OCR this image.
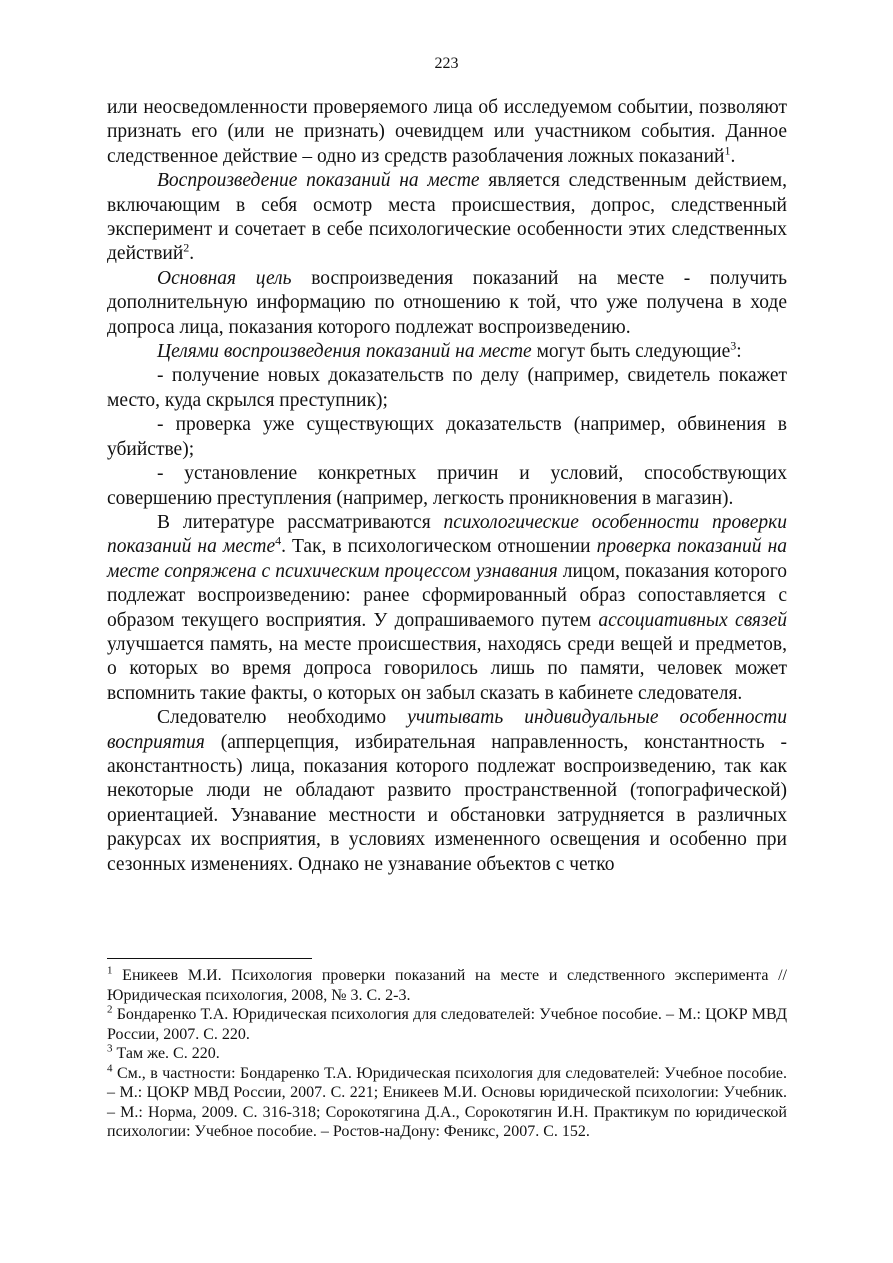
223

или неосведомленности проверяемого лица об исследуемом событии, позволяют признать его (или не признать) очевидцем или участником события. Данное следственное действие – одно из средств разоблачения ложных показаний$^1$.

Воспроизведение показаний на месте является следственным действием, включающим в себя осмотр места происшествия, допрос, следственный эксперимент и сочетает в себе психологические особенности этих следственных действий$^2$.

Основная цель воспроизведения показаний на месте - получить дополнительную информацию по отношению к той, что уже получена в ходе допроса лица, показания которого подлежат воспроизведению.

Целями воспроизведения показаний на месте могут быть следующие$^3$:

- получение новых доказательств по делу (например, свидетель покажет место, куда скрылся преступник);

- проверка уже существующих доказательств (например, обвинения в убийстве);

- установление конкретных причин и условий, способствующих совершению преступления (например, легкость проникновения в магазин).

В литературе рассматриваются психологические особенности проверки показаний на месте$^4$. Так, в психологическом отношении проверка показаний на месте сопряжена с психическим процессом узнавания лицом, показания которого подлежат воспроизведению: ранее сформированный образ сопоставляется с образом текущего восприятия. У допрашиваемого путем ассоциативных связей улучшается память, на месте происшествия, находясь среди вещей и предметов, о которых во время допроса говорилось лишь по памяти, человек может вспомнить такие факты, о которых он забыл сказать в кабинете следователя.

Следователю необходимо учитывать индивидуальные особенности восприятия (апперцепция, избирательная направленность, константность - аконстантность) лица, показания которого подлежат воспроизведению, так как некоторые люди не обладают развито пространственной (топографической) ориентацией. Узнавание местности и обстановки затрудняется в различных ракурсах их восприятия, в условиях измененного освещения и особенно при сезонных изменениях. Однако не узнавание объектов с четко

$^1$ Еникеев М.И. Психология проверки показаний на месте и следственного эксперимента // Юридическая психология, 2008, № 3. С. 2-3.

$^2$ Бондаренко Т.А. Юридическая психология для следователей: Учебное пособие. – М.: ЦОКР МВД России, 2007. С. 220.

$^3$ Там же. С. 220.

$^4$ См., в частности: Бондаренко Т.А. Юридическая психология для следователей: Учебное пособие. – М.: ЦОКР МВД России, 2007. С. 221; Еникеев М.И. Основы юридической психологии: Учебник. – М.: Норма, 2009. С. 316-318; Сорокотягина Д.А., Сорокотягин И.Н. Практикум по юридической психологии: Учебное пособие. – Ростов-наДону: Феникс, 2007. С. 152.
